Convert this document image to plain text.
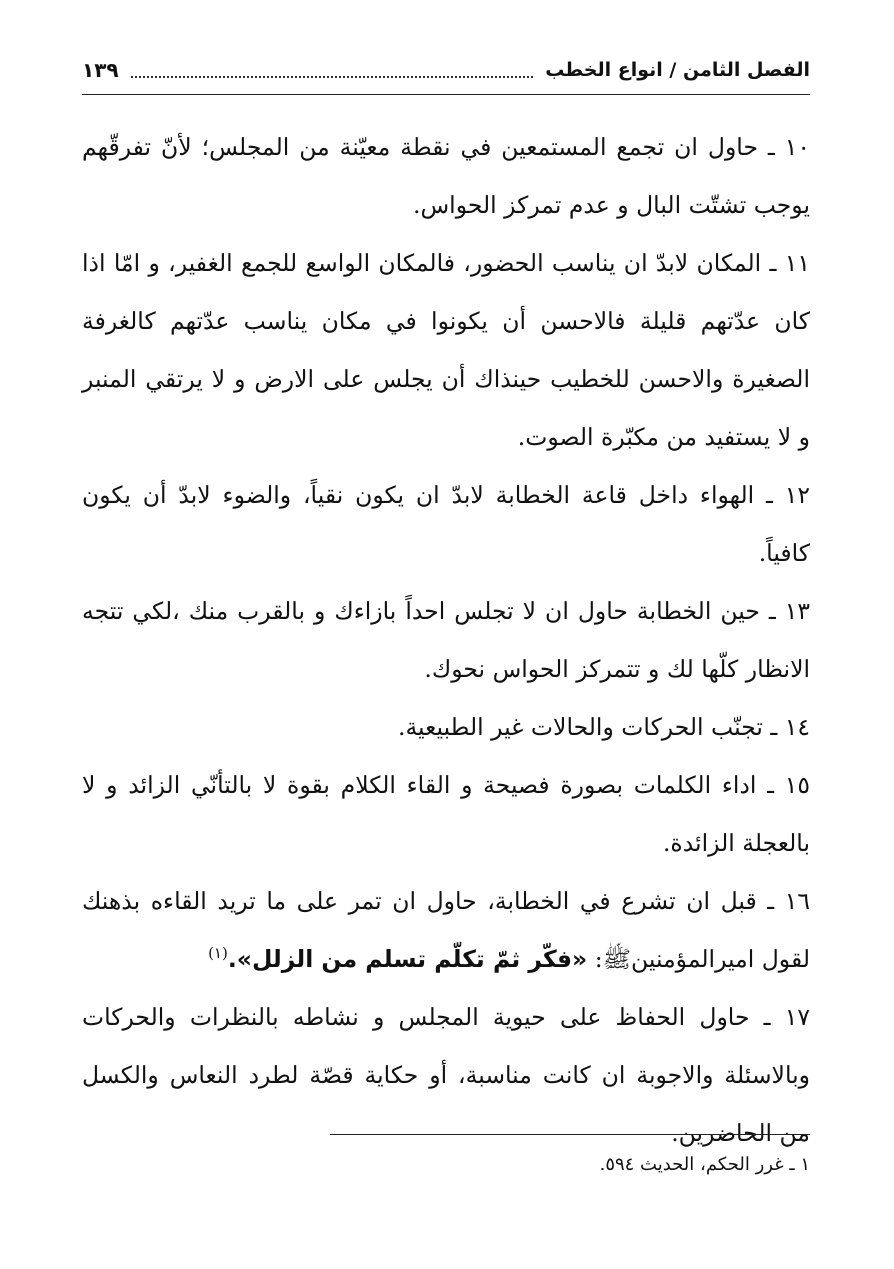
الفصل الثامن / انواع الخطب
١٣٩

١٠ ـ حاول ان تجمع المستمعين في نقطة معيّنة من المجلس؛ لأنّ تفرقّهم يوجب تشتّت البال و عدم تمركز الحواس.

١١ ـ المكان لابدّ ان يناسب الحضور، فالمكان الواسع للجمع الغفير، و امّا اذا كان عدّتهم قليلة فالاحسن أن يكونوا في مكان يناسب عدّتهم كالغرفة الصغيرة والاحسن للخطيب حينذاك أن يجلس على الارض و لا يرتقي المنبر و لا يستفيد من مكبّرة الصوت.

١٢ ـ الهواء داخل قاعة الخطابة لابدّ ان يكون نقياً، والضوء لابدّ أن يكون كافياً.

١٣ ـ حين الخطابة حاول ان لا تجلس احداً بازاءك و بالقرب منك ،لكي تتجه الانظار كلّها لك و تتمركز الحواس نحوك.

١٤ ـ تجنّب الحركات والحالات غير الطبيعية.

١٥ ـ اداء الكلمات بصورة فصيحة و القاء الكلام بقوة لا بالتأنّي الزائد و لا بالعجلة الزائدة.

١٦ ـ قبل ان تشرع في الخطابة، حاول ان تمر على ما تريد القاءه بذهنك لقول اميرالمؤمنينﷺ: «فكّر ثمّ تكلّم تسلم من الزلل».$^{(١)}$

١٧ ـ حاول الحفاظ على حيوية المجلس و نشاطه بالنظرات والحركات وبالاسئلة والاجوبة ان كانت مناسبة، أو حكاية قصّة لطرد النعاس والكسل من الحاضرين.

١ ـ غرر الحكم، الحديث ٥٩٤.
